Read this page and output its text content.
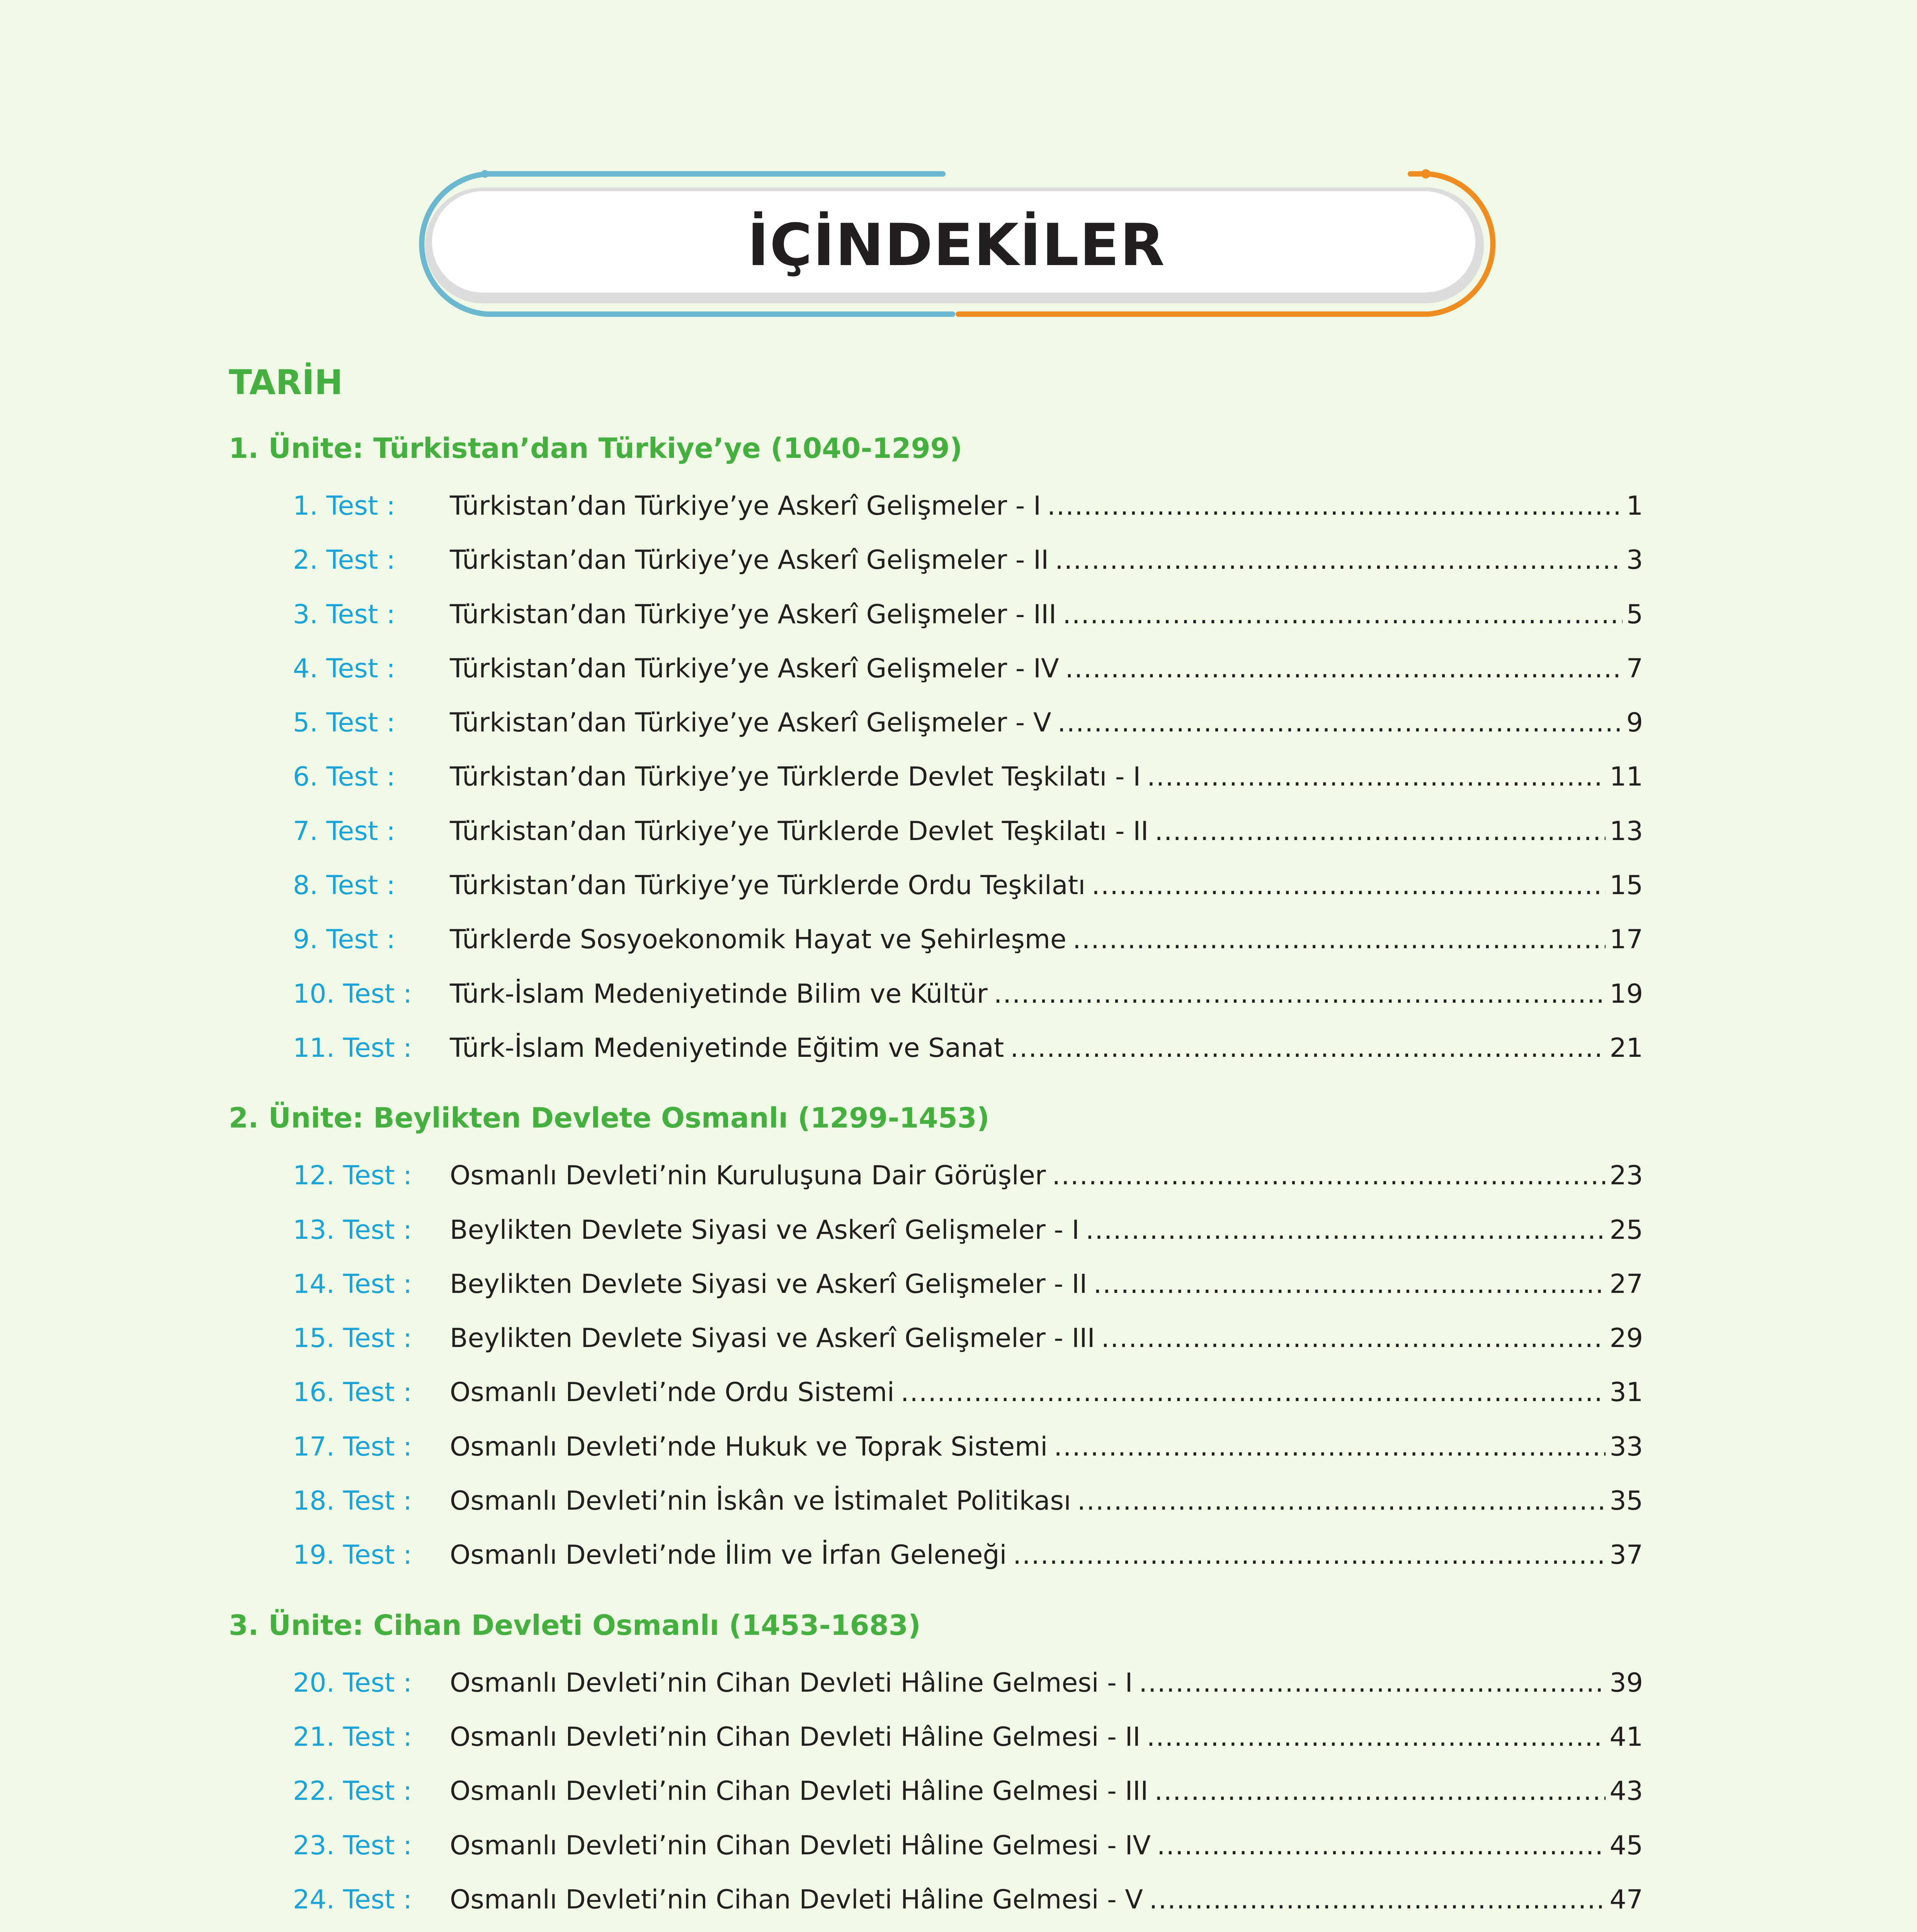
İÇİNDEKİLER
TARİH
1. Ünite: Türkistan’dan Türkiye’ye (1040-1299)
1. Test :	Türkistan’dan Türkiye’ye Askerî Gelişmeler - I .....	1
2. Test :	Türkistan’dan Türkiye’ye Askerî Gelişmeler - II .....	3
3. Test :	Türkistan’dan Türkiye’ye Askerî Gelişmeler - III .....	5
4. Test :	Türkistan’dan Türkiye’ye Askerî Gelişmeler - IV .....	7
5. Test :	Türkistan’dan Türkiye’ye Askerî Gelişmeler - V .....	9
6. Test :	Türkistan’dan Türkiye’ye Türklerde Devlet Teşkilatı - I .....	11
7. Test :	Türkistan’dan Türkiye’ye Türklerde Devlet Teşkilatı - II .....	13
8. Test :	Türkistan’dan Türkiye’ye Türklerde Ordu Teşkilatı .....	15
9. Test :	Türklerde Sosyoekonomik Hayat ve Şehirleşme .....	17
10. Test :	Türk-İslam Medeniyetinde Bilim ve Kültür .....	19
11. Test :	Türk-İslam Medeniyetinde Eğitim ve Sanat .....	21
2. Ünite: Beylikten Devlete Osmanlı (1299-1453)
12. Test :	Osmanlı Devleti’nin Kuruluşuna Dair Görüşler .....	23
13. Test :	Beylikten Devlete Siyasi ve Askerî Gelişmeler - I .....	25
14. Test :	Beylikten Devlete Siyasi ve Askerî Gelişmeler - II .....	27
15. Test :	Beylikten Devlete Siyasi ve Askerî Gelişmeler - III .....	29
16. Test :	Osmanlı Devleti’nde Ordu Sistemi .....	31
17. Test :	Osmanlı Devleti’nde Hukuk ve Toprak Sistemi .....	33
18. Test :	Osmanlı Devleti’nin İskân ve İstimalet Politikası .....	35
19. Test :	Osmanlı Devleti’nde İlim ve İrfan Geleneği .....	37
3. Ünite: Cihan Devleti Osmanlı (1453-1683)
20. Test :	Osmanlı Devleti’nin Cihan Devleti Hâline Gelmesi - I .....	39
21. Test :	Osmanlı Devleti’nin Cihan Devleti Hâline Gelmesi - II .....	41
22. Test :	Osmanlı Devleti’nin Cihan Devleti Hâline Gelmesi - III .....	43
23. Test :	Osmanlı Devleti’nin Cihan Devleti Hâline Gelmesi - IV .....	45
24. Test :	Osmanlı Devleti’nin Cihan Devleti Hâline Gelmesi - V .....	47
.....
